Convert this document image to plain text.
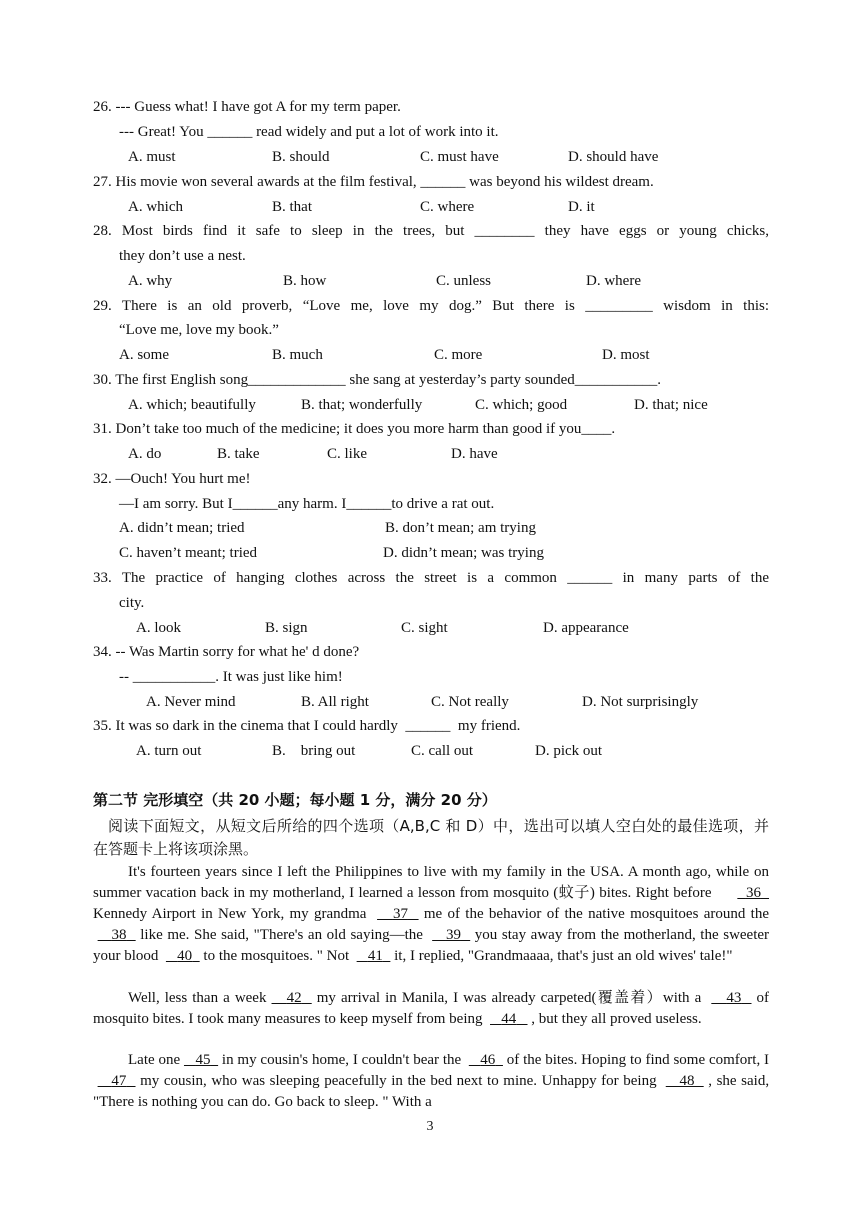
26. --- Guess what! I have got A for my term paper.
--- Great! You ______ read widely and put a lot of work into it.
A. must	B. should	C. must have	D. should have
27. His movie won several awards at the film festival, ______ was beyond his wildest dream.
A. which	B. that	C. where	D. it
28. Most birds find it safe to sleep in the trees, but ________ they have eggs or young chicks,
they don’t use a nest.
A. why	B. how	C. unless	D. where
29. There is an old proverb, “Love me, love my dog.” But there is _________ wisdom in this:
“Love me, love my book.”
A. some	B. much	C. more	D. most
30. The first English song_____________ she sang at yesterday’s party sounded___________.
A. which; beautifully	B. that; wonderfully	C. which; good	D. that; nice
31. Don’t take too much of the medicine; it does you more harm than good if you____.
A. do	B. take	C. like	D. have
32. —Ouch! You hurt me!
—I am sorry. But I______any harm. I______to drive a rat out.
A. didn’t mean; tried	B. don’t mean; am trying
C. haven’t meant; tried	D. didn’t mean; was trying
33. The practice of hanging clothes across the street is a common ______ in many parts of the
city.
A. look	B. sign	C. sight	D. appearance
34. -- Was Martin sorry for what he' d done?
-- ___________. It was just like him!
A. Never mind	B. All right	C. Not really	D. Not surprisingly
35. It was so dark in the cinema that I could hardly  ______  my friend.
A. turn out	B.    bring out	C. call out	D. pick out
第二节 完形填空（共 20 小题；每小题 1 分，满分 20 分）
阅读下面短文，从短文后所给的四个选项（A,B,C 和 D）中，选出可以填人空白处的最佳选项，并在答题卡上将该项涂黑。
It's fourteen years since I left the Philippines to live with my family in the USA. A month ago, while on summer vacation back in my motherland, I learned a lesson from mosquito (蚊子) bites. Right before        36   Kennedy Airport in New York, my grandma     37   me of the behavior of the native mosquitoes around the     38   like me. She said, "There's an old saying—the     39   you stay away from the motherland, the sweeter your blood     40   to the mosquitoes. " Not     41   it, I replied, "Grandmaaaa, that's just an old wives' tale!"
Well, less than a week    42   my arrival in Manila, I was already carpeted(覆盖着）with a     43   of mosquito bites. I took many measures to keep myself from being     44    , but they all proved useless.
Late one    45   in my cousin's home, I couldn't bear the     46   of the bites. Hoping to find some comfort, I     47   my cousin, who was sleeping peacefully in the bed next to mine. Unhappy for being     48   , she said, "There is nothing you can do. Go back to sleep. " With a
3
